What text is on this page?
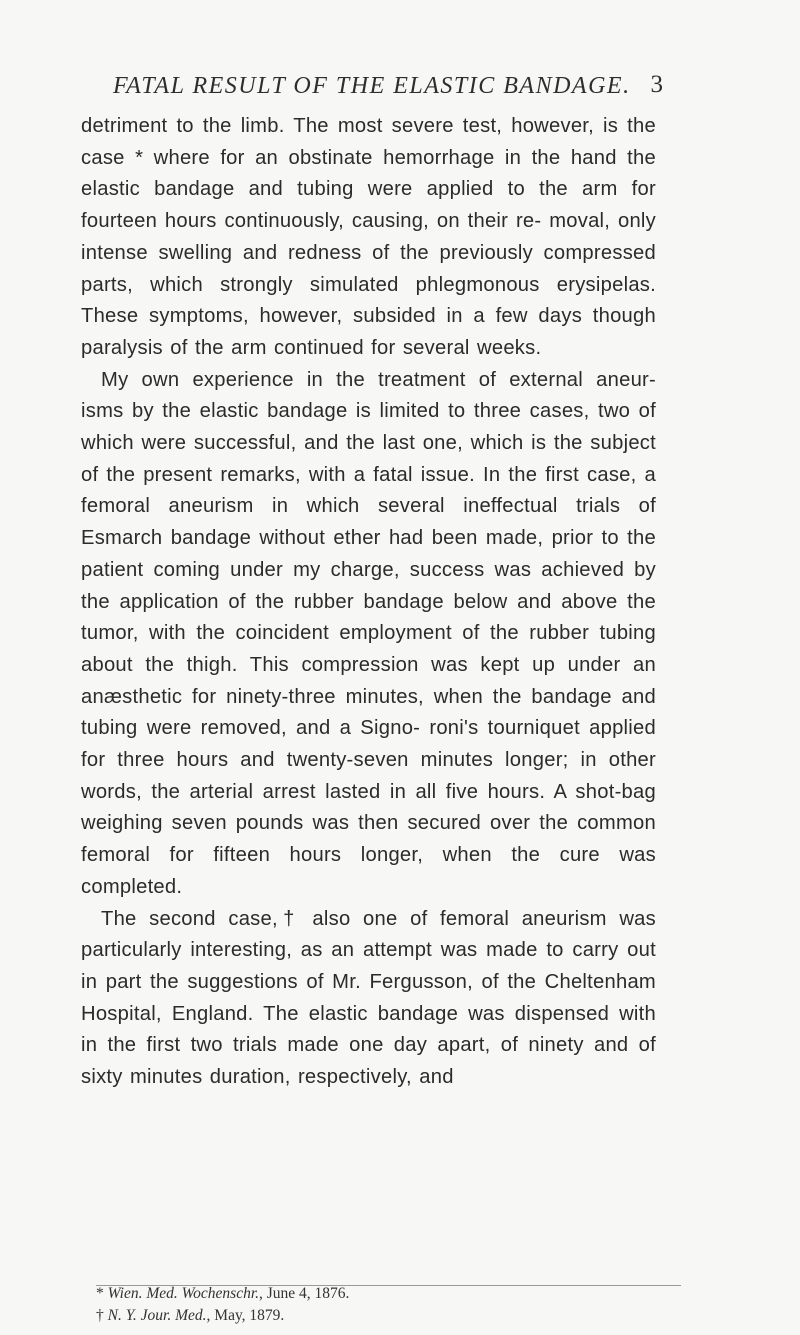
FATAL RESULT OF THE ELASTIC BANDAGE. 3

detriment to the limb. The most severe test, however, is the case * where for an obstinate hemorrhage in the hand the elastic bandage and tubing were applied to the arm for fourteen hours continuously, causing, on their re- moval, only intense swelling and redness of the previously compressed parts, which strongly simulated phlegmonous erysipelas. These symptoms, however, subsided in a few days though paralysis of the arm continued for several weeks.

My own experience in the treatment of external aneur- isms by the elastic bandage is limited to three cases, two of which were successful, and the last one, which is the subject of the present remarks, with a fatal issue. In the first case, a femoral aneurism in which several ineffectual trials of Esmarch bandage without ether had been made, prior to the patient coming under my charge, success was achieved by the application of the rubber bandage below and above the tumor, with the coincident employment of the rubber tubing about the thigh. This compression was kept up under an anæsthetic for ninety-three minutes, when the bandage and tubing were removed, and a Signo- roni's tourniquet applied for three hours and twenty-seven minutes longer; in other words, the arterial arrest lasted in all five hours. A shot-bag weighing seven pounds was then secured over the common femoral for fifteen hours longer, when the cure was completed.

The second case,† also one of femoral aneurism was particularly interesting, as an attempt was made to carry out in part the suggestions of Mr. Fergusson, of the Cheltenham Hospital, England. The elastic bandage was dispensed with in the first two trials made one day apart, of ninety and of sixty minutes duration, respectively, and

* Wien. Med. Wochenschr., June 4, 1876.
† N. Y. Jour. Med., May, 1879.
